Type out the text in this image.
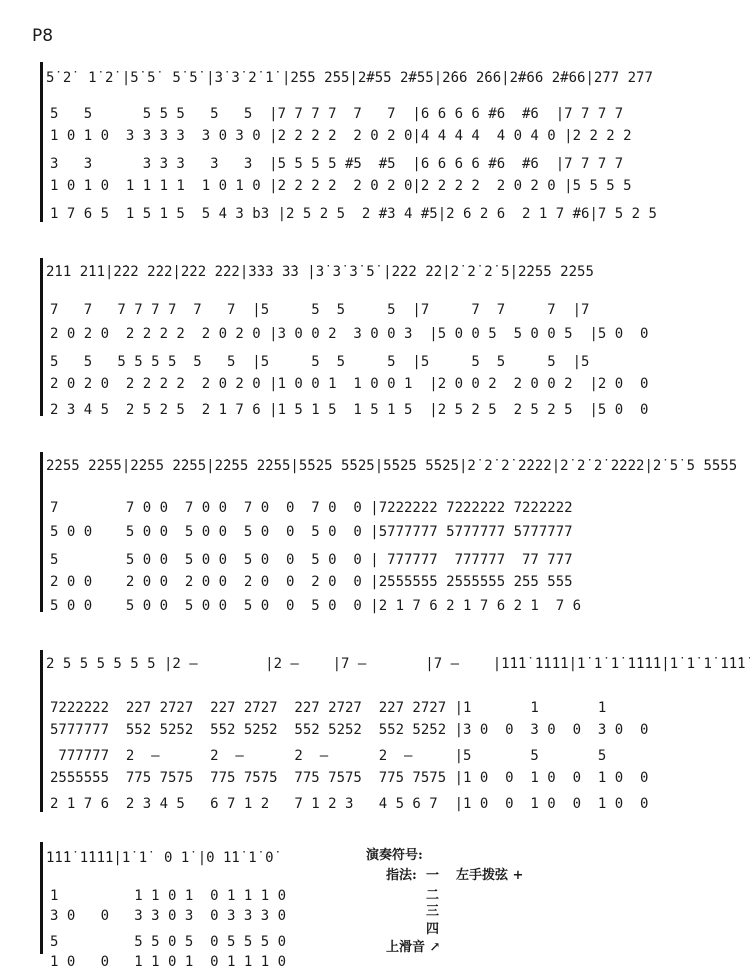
P8
5̇ 2̇  1̇ 2̇ |5̇ 5̇  5̇ 5̇ |3̇ 3̇ 2̇ 1̇ |2̇55 2̇55|2̇#55 2̇#55|2̇66 2̇66|2̇#66 2̇#66|2̇77 2̇77
5   5      5 5 5   5   5  |7 7 7 7  7   7  |6 6 6 6 #6  #6  |7 7 7 7
1 0 1 0  3 3 3 3  3 0 3 0 |2 2 2 2  2 0 2 0|4 4 4 4  4 0 4 0 |2 2 2 2
3   3      3 3 3   3   3  |5 5 5 5 #5  #5  |6 6 6 6 #6  #6  |7 7 7 7
1 0 1 0  1 1 1 1  1 0 1 0 |2 2 2 2  2 0 2 0|2 2 2 2  2 0 2 0 |5 5 5 5
1 7 6 5  1 5 1 5  5 4 3 b3 |2 5 2 5  2 #3 4 #5|2 6 2 6  2 1 7 #6|7 5 2 5
2̇11 2̇11|2̇22 2̇22|2̇22 2̇22|3̇33 3̇3 |3̇ 3̇ 3̇ 5̇ |2̇22 2̇2|2̇ 2̇ 2̇ 5̇|2̇255 2̇255
7   7   7 7 7 7  7   7  |5     5  5     5  |7     7  7     7  |7
2 0 2 0  2 2 2 2  2 0 2 0 |3 0 0 2  3 0 0 3  |5 0 0 5  5 0 0 5  |5 0  0
5   5   5 5 5 5  5   5  |5     5  5     5  |5     5  5     5  |5
2 0 2 0  2 2 2 2  2 0 2 0 |1 0 0 1  1 0 0 1  |2 0 0 2  2 0 0 2  |2 0  0
2 3 4 5  2 5 2 5  2 1 7 6 |1 5 1 5  1 5 1 5  |2 5 2 5  2 5 2 5  |5 0  0
2̇255 2̇255|2̇255 2̇255|2̇255 2̇255|5̇525 5̇525|5̇525 5̇525|2̇ 2̇ 2̇ 2̇222|2̇ 2̇ 2̇ 2̇222|2̇ 5̇ 5 5555
7        7 0 0  7 0 0  7 0  0  7 0  0 |7222222 7222222 7222222
5 0 0    5 0 0  5 0 0  5 0  0  5 0  0 |5777777 5777777 5777777
5        5 0 0  5 0 0  5 0  0  5 0  0 | 777777  777777  77 777
2 0 0    2 0 0  2 0 0  2 0  0  2 0  0 |2555555 2555555 255 555
5 0 0    5 0 0  5 0 0  5 0  0  5 0  0 |2 1 7 6 2 1 7 6 2 1  7 6
2 5 5 5 5 5 5 |2 —        |2 —    |7 —       |7 —    |1̇1̇1̇ 1̇1̇1̇1̇|1̇ 1̇ 1̇ 1̇1̇1̇1̇|1̇ 1̇ 1̇ 1̇1̇1̇
7222222  227 2727  227 2727  227 2727  227 2727 |1       1       1
5777777  552 5252  552 5252  552 5252  552 5252 |3 0  0  3 0  0  3 0  0
777777  2  —      2  —      2  —      2  —     |5       5       5
2555555  775 7575  775 7575  775 7575  775 7575 |1 0  0  1 0  0  1 0  0
2 1 7 6  2 3 4 5   6 7 1 2   7 1 2 3   4 5 6 7  |1 0  0  1 0  0  1 0  0
1̇1̇1̇ 1̇1̇1̇1̇|1̇ 1̇  0 1̇ |0 1̇1̇ 1̇ 0̇
1         1 1 0 1  0 1 1 1 0
3 0   0   3 3 0 3  0 3 3 3 0
5         5 5 0 5  0 5 5 5 0
1 0   0   1 1 0 1  0 1 1 1 0
演奏符号:
指法: 一 左手拨弦 +
二
三
四
上滑音 ↗
